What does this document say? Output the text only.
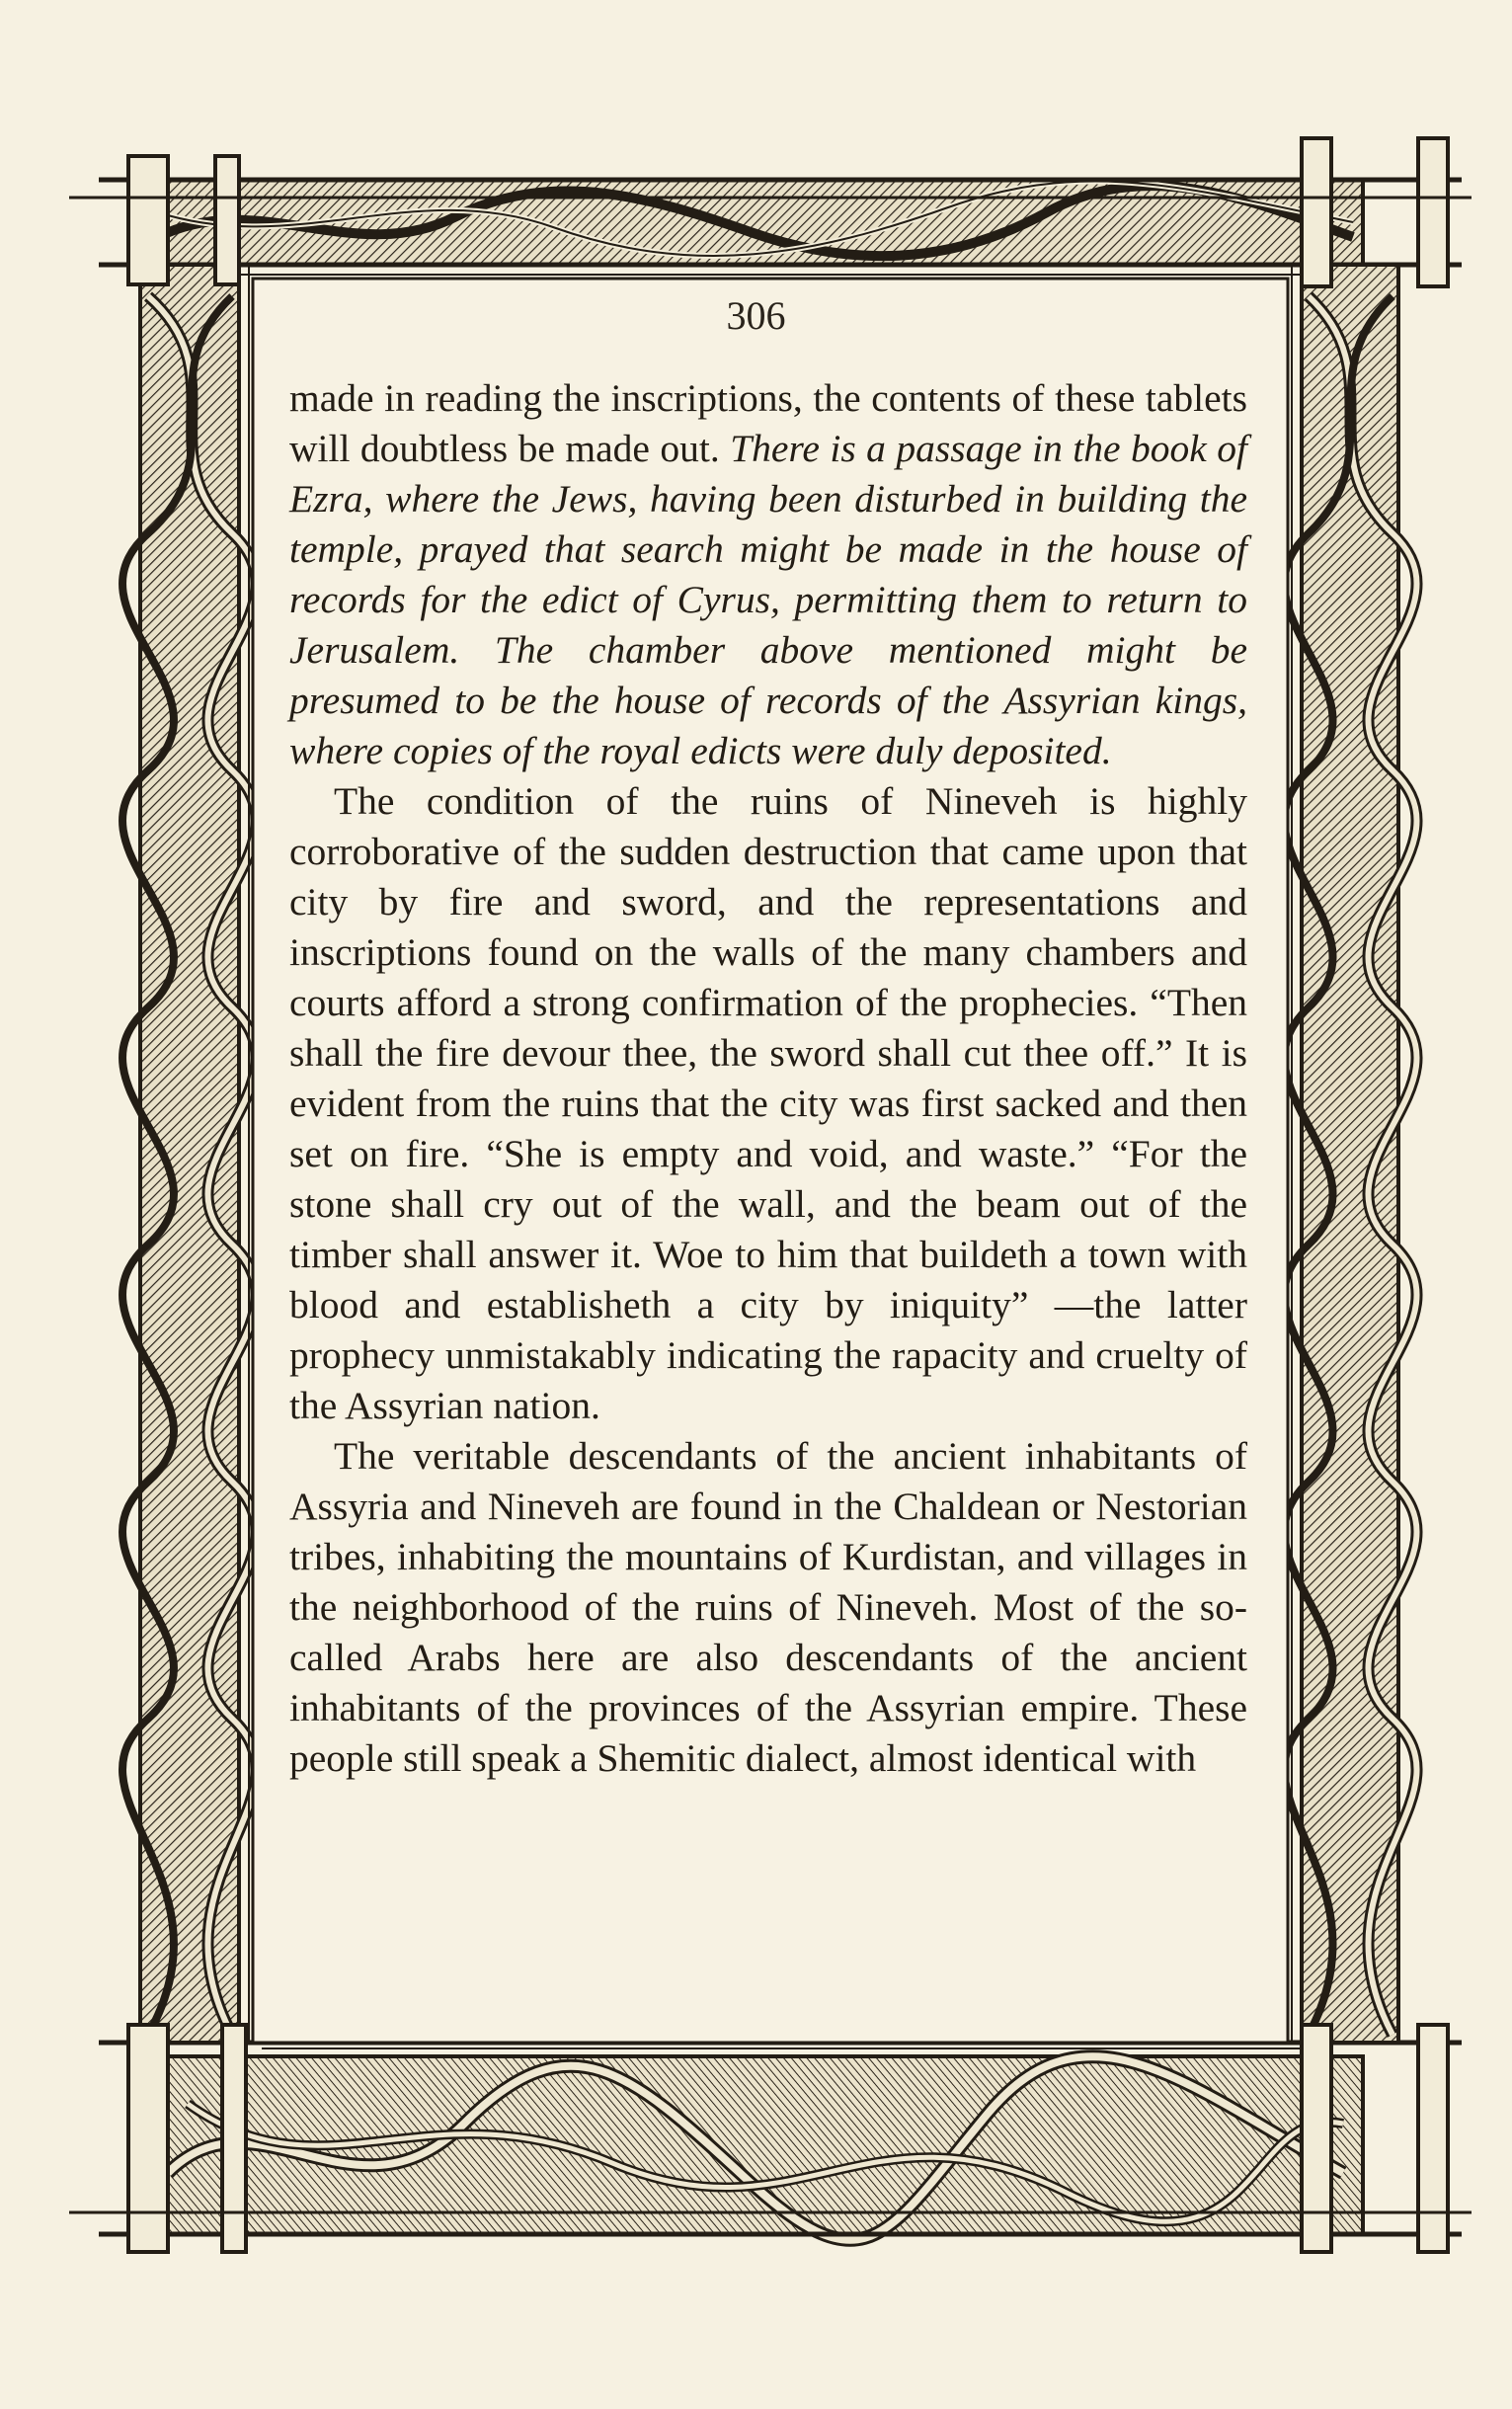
306

made in reading the inscriptions, the contents of these tablets will doubtless be made out. There is a passage in the book of Ezra, where the Jews, having been disturbed in building the temple, prayed that search might be made in the house of records for the edict of Cyrus, permitting them to return to Jerusalem. The chamber above mentioned might be presumed to be the house of records of the Assyrian kings, where copies of the royal edicts were duly deposited.

The condition of the ruins of Nineveh is highly corroborative of the sudden destruction that came upon that city by fire and sword, and the representations and inscriptions found on the walls of the many chambers and courts afford a strong confirmation of the prophecies. “Then shall the fire devour thee, the sword shall cut thee off.” It is evident from the ruins that the city was first sacked and then set on fire. “She is empty and void, and waste.” “For the stone shall cry out of the wall, and the beam out of the timber shall answer it. Woe to him that buildeth a town with blood and establisheth a city by iniquity” —the latter prophecy unmistakably indicating the rapacity and cruelty of the Assyrian nation.

The veritable descendants of the ancient inhabitants of Assyria and Nineveh are found in the Chaldean or Nestorian tribes, inhabiting the mountains of Kurdistan, and villages in the neighborhood of the ruins of Nineveh. Most of the so-called Arabs here are also descendants of the ancient inhabitants of the provinces of the Assyrian empire. These people still speak a Shemitic dialect, almost identical with
